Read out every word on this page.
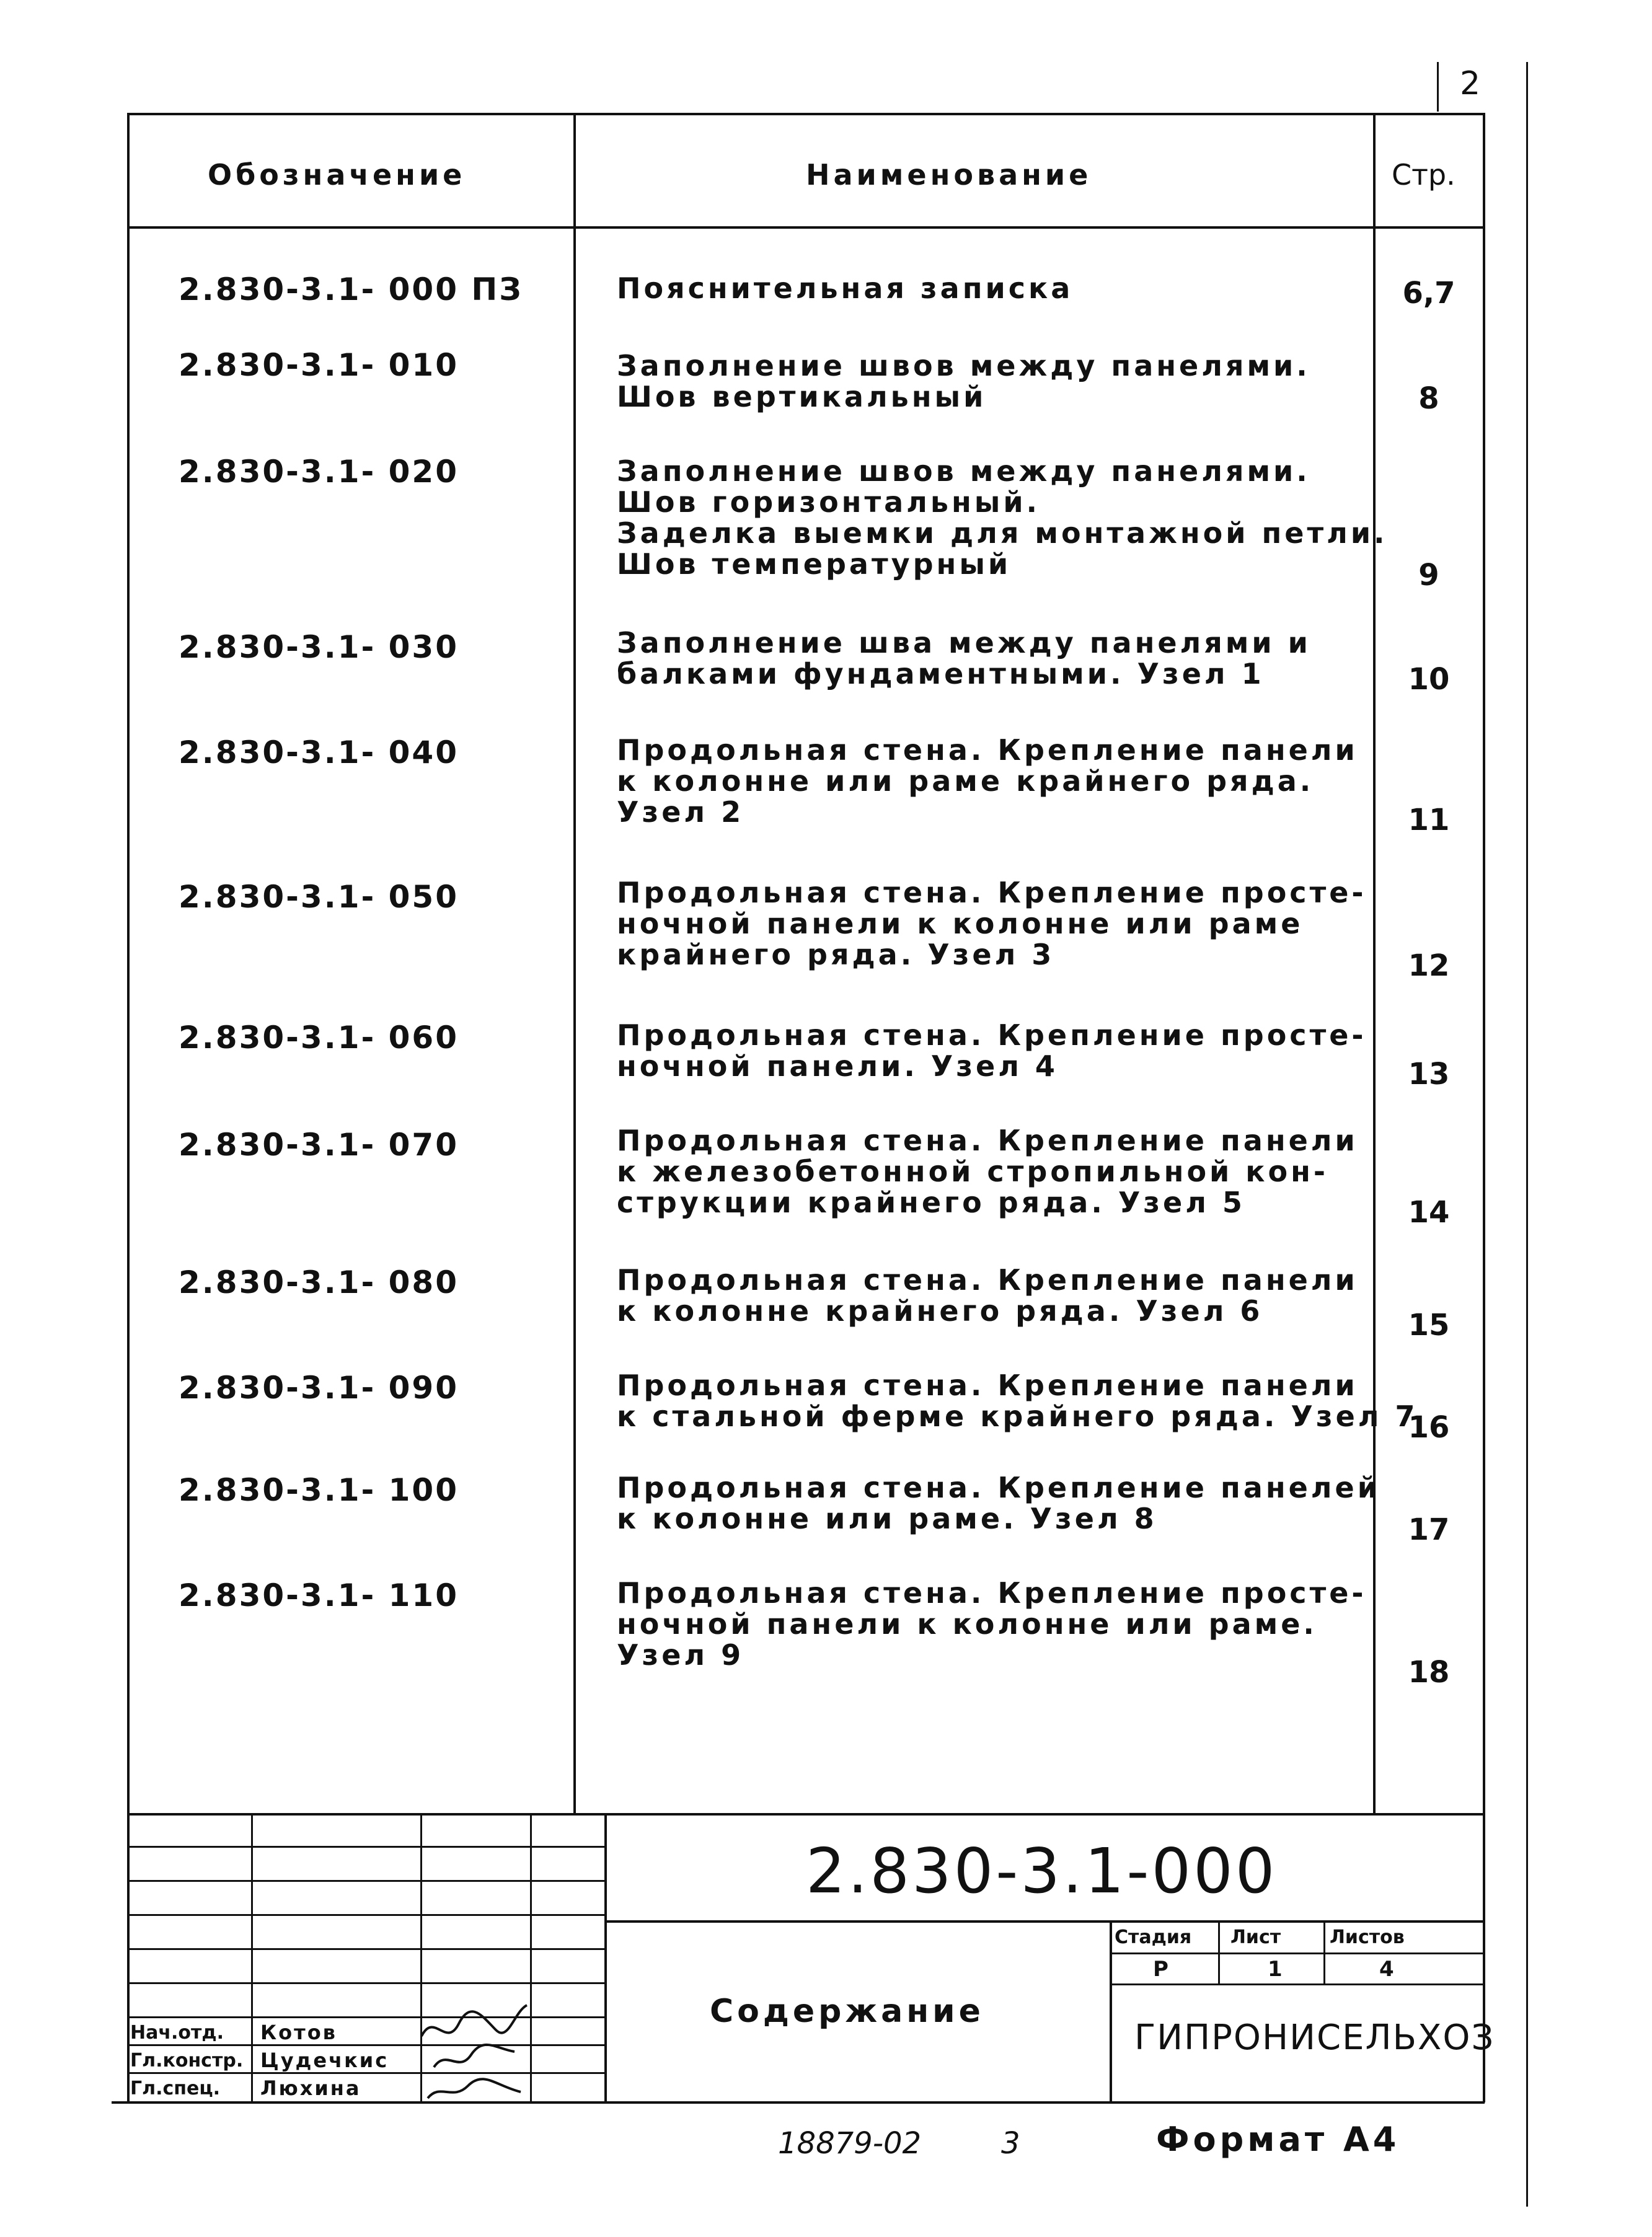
2
Обозначение	Наименование	Стр.
2.830-3.1- 000 ПЗ	Пояснительная записка	6,7
2.830-3.1- 010	Заполнение швов между панелями.
Шов вертикальный	8
2.830-3.1- 020	Заполнение швов между панелями.
Шов горизонтальный.
Заделка выемки для монтажной петли.
Шов температурный	9
2.830-3.1- 030	Заполнение шва между панелями и
балками фундаментными. Узел 1	10
2.830-3.1- 040	Продольная стена. Крепление панели
к колонне или раме крайнего ряда.
Узел 2	11
2.830-3.1- 050	Продольная стена. Крепление просте-
ночной панели к колонне или раме
крайнего ряда. Узел 3	12
2.830-3.1- 060	Продольная стена. Крепление просте-
ночной панели. Узел 4	13
2.830-3.1- 070	Продольная стена. Крепление панели
к железобетонной стропильной кон-
струкции крайнего ряда. Узел 5	14
2.830-3.1- 080	Продольная стена. Крепление панели
к колонне крайнего ряда. Узел 6	15
2.830-3.1- 090	Продольная стена. Крепление панели
к стальной ферме крайнего ряда. Узел 7
16
2.830-3.1- 100	Продольная стена. Крепление панелей
к колонне или раме. Узел 8	17
2.830-3.1- 110	Продольная стена. Крепление просте-
ночной панели к колонне или раме.
Узел 9	18
Нач.отд. Котов
Гл.констр. Цудечкис
Гл.спец. Люхина
2.830-3.1-000
Содержание
Стадия Лист	Листов
Р	1	4
ГИПРОНИСЕЛЬХОЗ
18879-02	3	Формат А4
